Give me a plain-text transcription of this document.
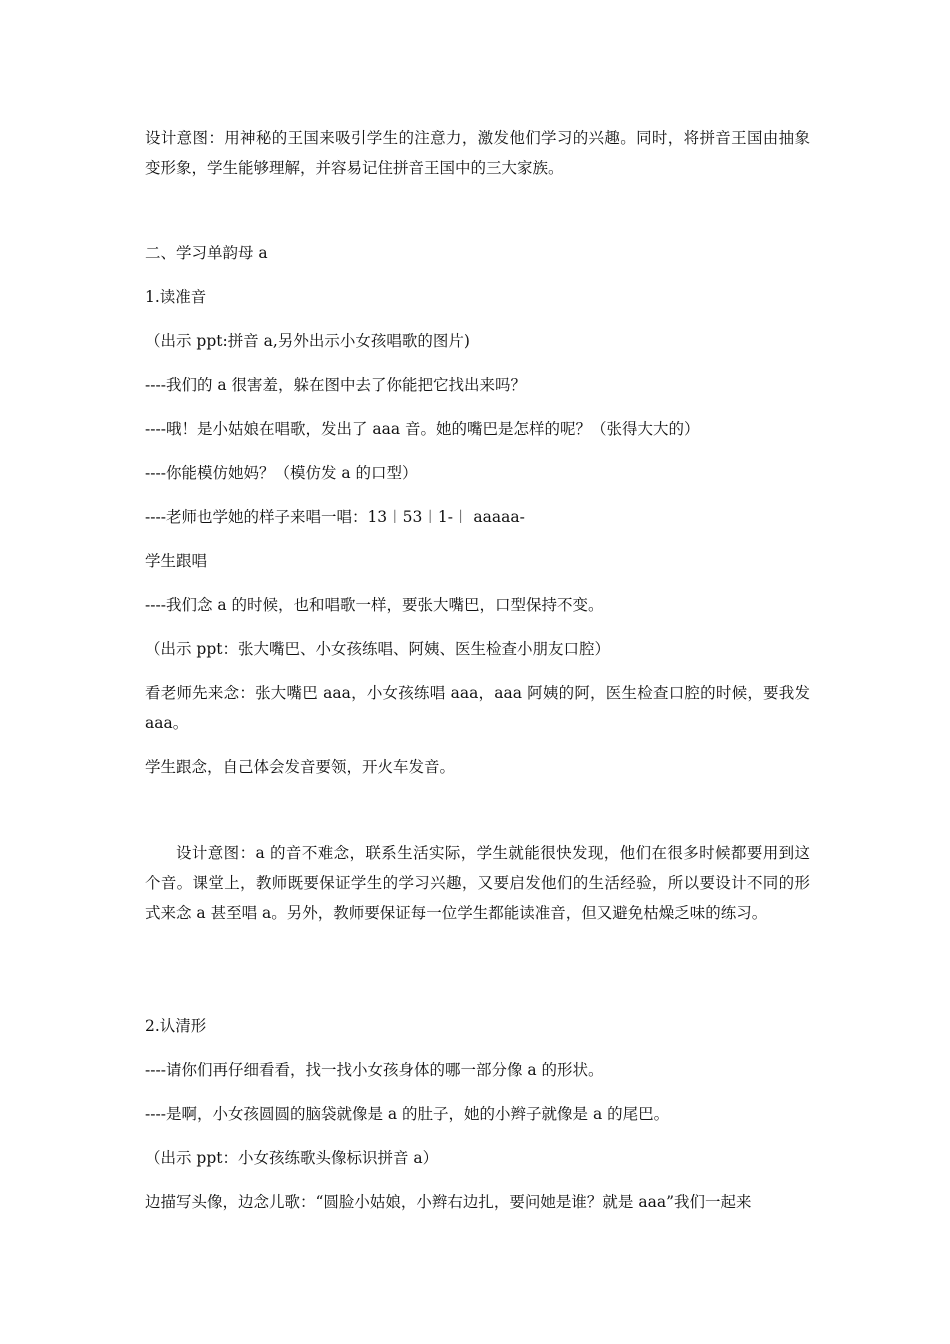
设计意图：用神秘的王国来吸引学生的注意力，激发他们学习的兴趣。同时，将拼音王国由抽象变形象，学生能够理解，并容易记住拼音王国中的三大家族。

二、学习单韵母 a

1.读准音

（出示 ppt:拼音 a,另外出示小女孩唱歌的图片)

----我们的 a 很害羞，躲在图中去了你能把它找出来吗？

----哦！是小姑娘在唱歌，发出了 aaa 音。她的嘴巴是怎样的呢？（张得大大的）

----你能模仿她妈？（模仿发 a 的口型）

----老师也学她的样子来唱一唱：13︱53︱1-︱ aaaaa-

学生跟唱

----我们念 a 的时候，也和唱歌一样，要张大嘴巴，口型保持不变。

（出示 ppt：张大嘴巴、小女孩练唱、阿姨、医生检查小朋友口腔）

看老师先来念：张大嘴巴 aaa，小女孩练唱 aaa，aaa 阿姨的阿，医生检查口腔的时候，要我发 aaa。

学生跟念，自己体会发音要领，开火车发音。

设计意图：a 的音不难念，联系生活实际，学生就能很快发现，他们在很多时候都要用到这个音。课堂上，教师既要保证学生的学习兴趣，又要启发他们的生活经验，所以要设计不同的形式来念 a 甚至唱 a。另外，教师要保证每一位学生都能读准音，但又避免枯燥乏味的练习。

2.认清形

----请你们再仔细看看，找一找小女孩身体的哪一部分像 a 的形状。

----是啊，小女孩圆圆的脑袋就像是 a 的肚子，她的小辫子就像是 a 的尾巴。

（出示 ppt：小女孩练歌头像标识拼音 a）

边描写头像，边念儿歌：“圆脸小姑娘，小辫右边扎，要问她是谁？就是 aaa”我们一起来
